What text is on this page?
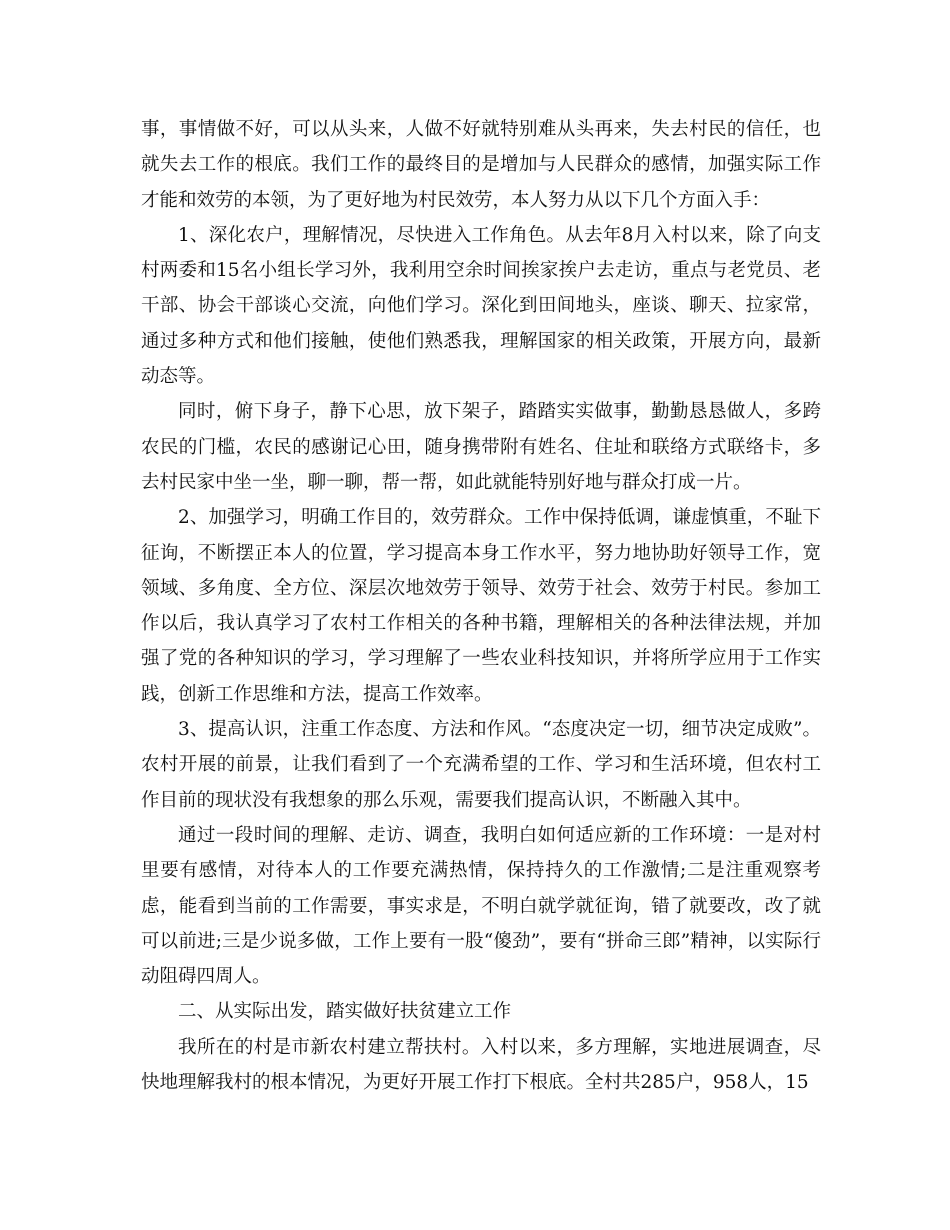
事，事情做不好，可以从头来，人做不好就特别难从头再来，失去村民的信任，也就失去工作的根底。我们工作的最终目的是增加与人民群众的感情，加强实际工作才能和效劳的本领，为了更好地为村民效劳，本人努力从以下几个方面入手：

1、深化农户，理解情况，尽快进入工作角色。从去年8月入村以来，除了向支村两委和15名小组长学习外，我利用空余时间挨家挨户去走访，重点与老党员、老干部、协会干部谈心交流，向他们学习。深化到田间地头，座谈、聊天、拉家常，通过多种方式和他们接触，使他们熟悉我，理解国家的相关政策，开展方向，最新动态等。

同时，俯下身子，静下心思，放下架子，踏踏实实做事，勤勤恳恳做人，多跨农民的门槛，农民的感谢记心田，随身携带附有姓名、住址和联络方式联络卡，多去村民家中坐一坐，聊一聊，帮一帮，如此就能特别好地与群众打成一片。

2、加强学习，明确工作目的，效劳群众。工作中保持低调，谦虚慎重，不耻下征询，不断摆正本人的位置，学习提高本身工作水平，努力地协助好领导工作，宽领域、多角度、全方位、深层次地效劳于领导、效劳于社会、效劳于村民。参加工作以后，我认真学习了农村工作相关的各种书籍，理解相关的各种法律法规，并加强了党的各种知识的学习，学习理解了一些农业科技知识，并将所学应用于工作实践，创新工作思维和方法，提高工作效率。

3、提高认识，注重工作态度、方法和作风。“态度决定一切，细节决定成败”。农村开展的前景，让我们看到了一个充满希望的工作、学习和生活环境，但农村工作目前的现状没有我想象的那么乐观，需要我们提高认识，不断融入其中。

通过一段时间的理解、走访、调查，我明白如何适应新的工作环境：一是对村里要有感情，对待本人的工作要充满热情，保持持久的工作激情;二是注重观察考虑，能看到当前的工作需要，事实求是，不明白就学就征询，错了就要改，改了就可以前进;三是少说多做，工作上要有一股“傻劲”，要有“拼命三郎”精神，以实际行动阻碍四周人。

二、从实际出发，踏实做好扶贫建立工作

我所在的村是市新农村建立帮扶村。入村以来，多方理解，实地进展调查，尽快地理解我村的根本情况，为更好开展工作打下根底。全村共285户，958人，15
